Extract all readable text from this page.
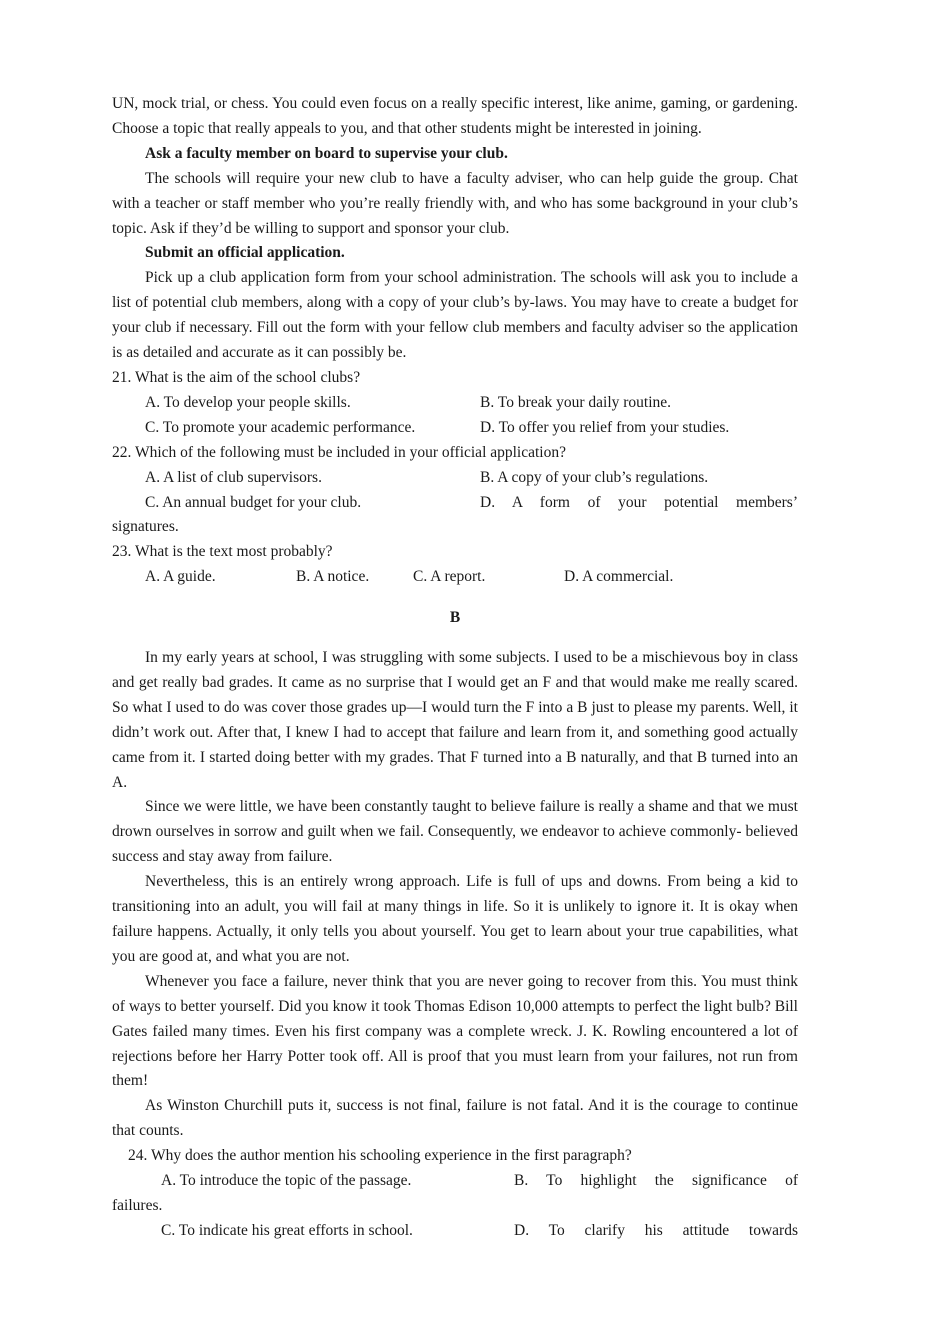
UN, mock trial, or chess. You could even focus on a really specific interest, like anime, gaming, or gardening. Choose a topic that really appeals to you, and that other students might be interested in joining.

Ask a faculty member on board to supervise your club.

The schools will require your new club to have a faculty adviser, who can help guide the group. Chat with a teacher or staff member who you’re really friendly with, and who has some background in your club’s topic. Ask if they’d be willing to support and sponsor your club.

Submit an official application.

Pick up a club application form from your school administration. The schools will ask you to include a list of potential club members, along with a copy of your club’s by-laws. You may have to create a budget for your club if necessary. Fill out the form with your fellow club members and faculty adviser so the application is as detailed and accurate as it can possibly be.

21. What is the aim of the school clubs?

A. To develop your people skills.	B. To break your daily routine.
C. To promote your academic performance.	D. To offer you relief from your studies.

22. Which of the following must be included in your official application?

A. A list of club supervisors.	B. A copy of your club’s regulations.
C. An annual budget for your club.	D. A form of your potential members’

signatures.

23. What is the text most probably?

A. A guide.	B. A notice.	C. A report.	D. A commercial.

B

In my early years at school, I was struggling with some subjects. I used to be a mischievous boy in class and get really bad grades. It came as no surprise that I would get an F and that would make me really scared. So what I used to do was cover those grades up—I would turn the F into a B just to please my parents. Well, it didn’t work out. After that, I knew I had to accept that failure and learn from it, and something good actually came from it. I started doing better with my grades. That F turned into a B naturally, and that B turned into an A.

Since we were little, we have been constantly taught to believe failure is really a shame and that we must drown ourselves in sorrow and guilt when we fail. Consequently, we endeavor to achieve commonly- believed success and stay away from failure.

Nevertheless, this is an entirely wrong approach. Life is full of ups and downs. From being a kid to transitioning into an adult, you will fail at many things in life. So it is unlikely to ignore it. It is okay when failure happens. Actually, it only tells you about yourself. You get to learn about your true capabilities, what you are good at, and what you are not.

Whenever you face a failure, never think that you are never going to recover from this. You must think of ways to better yourself. Did you know it took Thomas Edison 10,000 attempts to perfect the light bulb? Bill Gates failed many times. Even his first company was a complete wreck. J. K. Rowling encountered a lot of rejections before her Harry Potter took off. All is proof that you must learn from your failures, not run from them!

As Winston Churchill puts it, success is not final, failure is not fatal. And it is the courage to continue that counts.

24. Why does the author mention his schooling experience in the first paragraph?

A. To introduce the topic of the passage.	B. To highlight the significance of

failures.

C. To indicate his great efforts in school.	D. To clarify his attitude towards
